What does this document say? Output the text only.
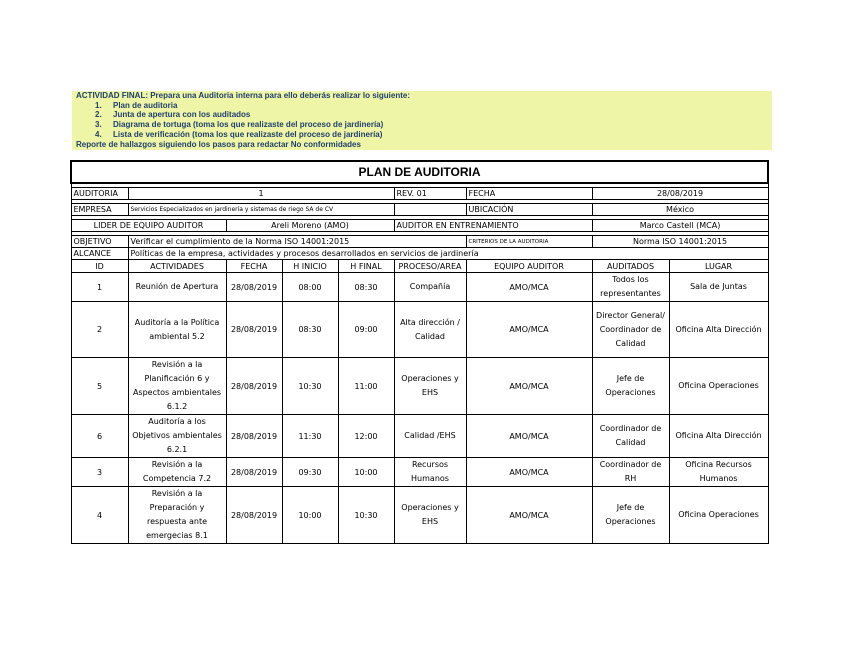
ACTIVIDAD FINAL: Prepara una Auditoria interna para ello deberás realizar lo siguiente:
1. Plan de auditoria
2. Junta de apertura con los auditados
3. Diagrama de tortuga (toma los que realizaste del proceso de jardinería)
4. Lista de verificación (toma los que realizaste del proceso de jardinería)
Reporte de hallazgos siguiendo los pasos para redactar No conformidades
PLAN DE AUDITORIA								

AUDITORIA	1				REV. 01	FECHA	28/08/2019	

EMPRESA	Servicios Especializados en jardinería y sistemas de riego SA de CV					UBICACIÓN	México	

LIDER DE EQUIPO AUDITOR		Areli Moreno (AMO)			AUDITOR EN ENTRENAMIENTO		Marco Castell (MCA)	

OBJETIVO	Verificar el cumplimiento de la Norma ISO 14001:2015					CRITERIOS DE LA AUDITORIA	Norma ISO 14001:2015	
ALCANCE	Políticas de la empresa, actividades y procesos desarrollados en servicios de jardinería							
ID	ACTIVIDADES	FECHA	H INICIO	H FINAL	PROCESO/AREA	EQUIPO AUDITOR	AUDITADOS	LUGAR
1	Reunión de Apertura	28/08/2019	08:00	08:30	Compañía	AMO/MCA	Todos los representantes	Sala de Juntas
2	Auditoría a la Política ambiental 5.2	28/08/2019	08:30	09:00	Alta dirección / Calidad	AMO/MCA	Director General/ Coordinador de Calidad	Oficina Alta Dirección
5	Revisión a la Planificación 6 y Aspectos ambientales 6.1.2	28/08/2019	10:30	11:00	Operaciones y EHS	AMO/MCA	Jefe de Operaciones	Oficina Operaciones
6	Auditoría a los Objetivos ambientales 6.2.1	28/08/2019	11:30	12:00	Calidad /EHS	AMO/MCA	Coordinador de Calidad	Oficina Alta Dirección
3	Revisión a la Competencia 7.2	28/08/2019	09:30	10:00	Recursos Humanos	AMO/MCA	Coordinador de RH	Oficina Recursos Humanos
4	Revisión a la Preparación y respuesta ante emergecias 8.1	28/08/2019	10:00	10:30	Operaciones y EHS	AMO/MCA	Jefe de Operaciones	Oficina Operaciones
